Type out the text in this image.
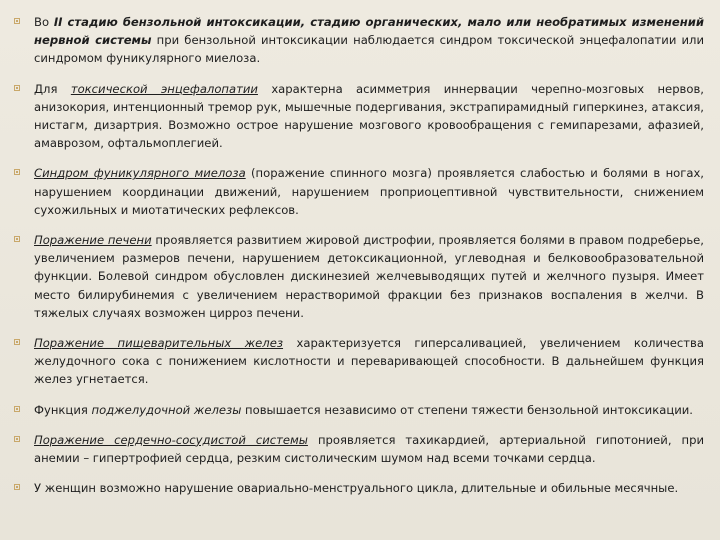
Во II стадию бензольной интоксикации, стадию органических, мало или необратимых изменений нервной системы при бензольной интоксикации наблюдается синдром токсической энцефалопатии или синдромом фуникулярного миелоза.

Для токсической энцефалопатии характерна асимметрия иннервации черепно-мозговых нервов, анизокория, интенционный тремор рук, мышечные подергивания, экстрапирамидный гиперкинез, атаксия, нистагм, дизартрия. Возможно острое нарушение мозгового кровообращения с гемипарезами, афазией, амаврозом, офтальмоплегией.

Синдром фуникулярного миелоза (поражение спинного мозга) проявляется слабостью и болями в ногах, нарушением координации движений, нарушением проприоцептивной чувствительности, снижением сухожильных и миотатических рефлексов.

Поражение печени проявляется развитием жировой дистрофии, проявляется болями в правом подреберье, увеличением размеров печени, нарушением детоксикационной, углеводная и белковообразовательной функции. Болевой синдром обусловлен дискинезией желчевыводящих путей и желчного пузыря. Имеет место билирубинемия с увеличением нерастворимой фракции без признаков воспаления в желчи. В тяжелых случаях возможен цирроз печени.

Поражение пищеварительных желез характеризуется гиперсаливацией, увеличением количества желудочного сока с понижением кислотности и переваривающей способности. В дальнейшем функция желез угнетается.

Функция поджелудочной железы повышается независимо от степени тяжести бензольной интоксикации.

Поражение сердечно-сосудистой системы проявляется тахикардией, артериальной гипотонией, при анемии – гипертрофией сердца, резким систолическим шумом над всеми точками сердца.

У женщин возможно нарушение овариально-менструального цикла, длительные и обильные месячные.
